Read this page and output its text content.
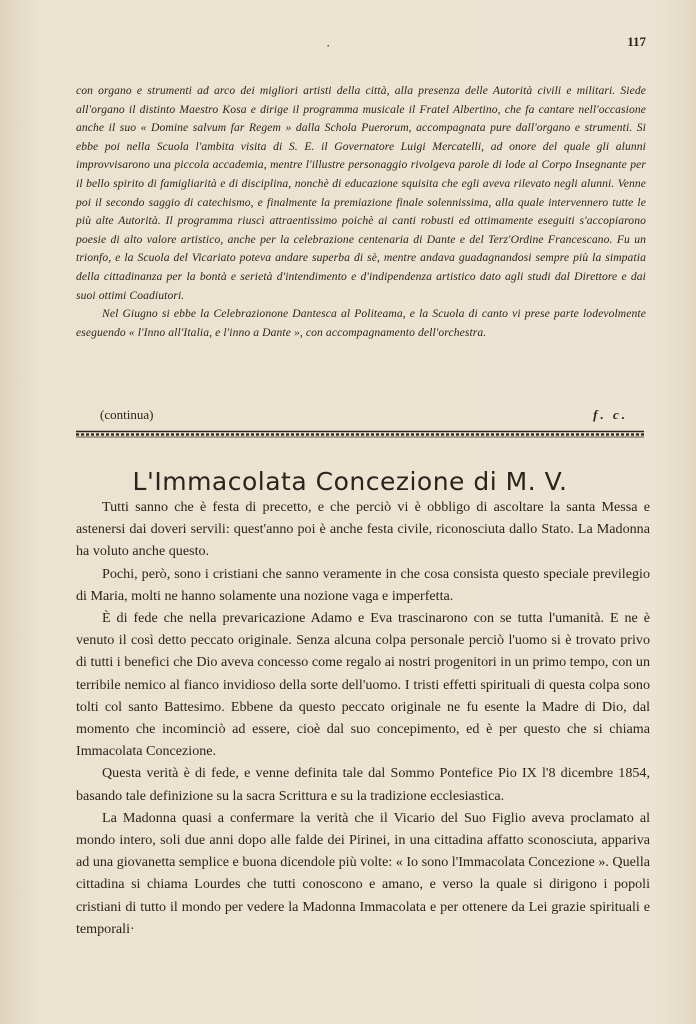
·	117

con organo e strumenti ad arco dei migliori artisti della città, alla presenza delle Autorità civili e militari. Siede all'organo il distinto Maestro Kosa e dirige il programma musicale il Fratel Albertino, che fa cantare nell'occasione anche il suo « Domine salvum far Regem » dalla Schola Puerorum, accompagnata pure dall'organo e strumenti. Si ebbe poi nella Scuola l'ambita visita di S. E. il Governatore Luigi Mercatelli, ad onore del quale gli alunni improvvisarono una piccola accademia, mentre l'illustre personaggio rivolgeva parole di lode al Corpo Insegnante per il bello spirito di famigliarità e di disciplina, nonchè di educazione squisita che egli aveva rilevato negli alunni. Venne poi il secondo saggio di catechismo, e finalmente la premiazione finale solennissima, alla quale intervennero tutte le più alte Autorità. Il programma riuscì attraentissimo poichè ai canti robusti ed ottimamente eseguiti s'accopiarono poesie di alto valore artistico, anche per la celebrazione centenaria di Dante e del Terz'Ordine Francescano. Fu un trionfo, e la Scuola del Vicariato poteva andare superba di sè, mentre andava guadagnandosi sempre più la simpatia della cittadinanza per la bontà e serietà d'intendimento e d'indipendenza artistico dato agli studi dal Direttore e dai suoi ottimi Coadiutori.

Nel Giugno si ebbe la Celebrazionone Dantesca al Politeama, e la Scuola di canto vi prese parte lodevolmente eseguendo « l'Inno all'Italia, e l'inno a Dante », con accompagnamento dell'orchestra.

(continua)	f. c.
L'Immacolata Concezione di M. V.

Tutti sanno che è festa di precetto, e che perciò vi è obbligo di ascoltare la santa Messa e astenersi dai doveri servili: quest'anno poi è anche festa civile, riconosciuta dallo Stato. La Madonna ha voluto anche questo.

Pochi, però, sono i cristiani che sanno veramente in che cosa consista questo speciale previlegio di Maria, molti ne hanno solamente una nozione vaga e imperfetta.

È di fede che nella prevaricazione Adamo e Eva trascinarono con se tutta l'umanità. E ne è venuto il così detto peccato originale. Senza alcuna colpa personale perciò l'uomo si è trovato privo di tutti i benefici che Dio aveva concesso come regalo ai nostri progenitori in un primo tempo, con un terribile nemico al fianco invidioso della sorte dell'uomo. I tristi effetti spirituali di questa colpa sono tolti col santo Battesimo. Ebbene da questo peccato originale ne fu esente la Madre di Dio, dal momento che incominciò ad essere, cioè dal suo concepimento, ed è per questo che si chiama Immacolata Concezione.

Questa verità è di fede, e venne definita tale dal Sommo Pontefice Pio IX l'8 dicembre 1854, basando tale definizione su la sacra Scrittura e su la tradizione ecclesiastica.

La Madonna quasi a confermare la verità che il Vicario del Suo Figlio aveva proclamato al mondo intero, soli due anni dopo alle falde dei Pirinei, in una cittadina affatto sconosciuta, appariva ad una giovanetta semplice e buona dicendole più volte: « Io sono l'Immacolata Concezione ». Quella cittadina si chiama Lourdes che tutti conoscono e amano, e verso la quale si dirigono i popoli cristiani di tutto il mondo per vedere la Madonna Immacolata e per ottenere da Lei grazie spirituali e temporali·
